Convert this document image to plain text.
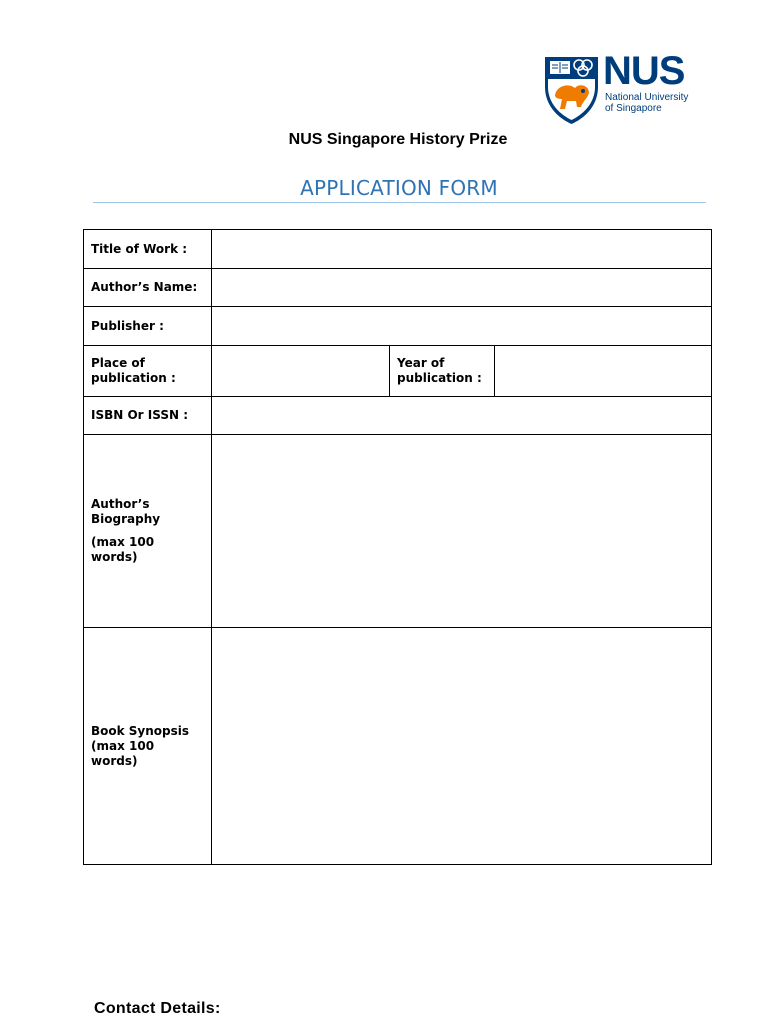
NUS
National University
of Singapore
NUS Singapore History Prize
APPLICATION FORM
Title of Work :			

Author’s Name:			

Publisher :			

Place of publication :		Year of publication :	

ISBN Or ISSN :			

Author’s Biography
(max 100 words)			

Book Synopsis
(max 100 words)			

Contact Details:
